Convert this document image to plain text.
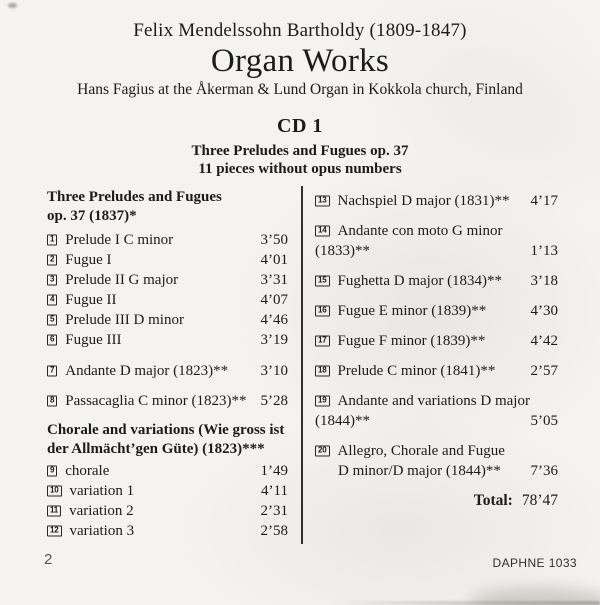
Felix Mendelssohn Bartholdy (1809-1847)
Organ Works
Hans Fagius at the Åkerman & Lund Organ in Kokkola church, Finland
CD 1
Three Preludes and Fugues op. 37
11 pieces without opus numbers
Three Preludes and Fugues
op. 37 (1837)*
1 Prelude I C minor	3’50
2 Fugue I	4’01
3 Prelude II G major	3’31
4 Fugue II	4’07
5 Prelude III D minor	4’46
6 Fugue III	3’19
7 Andante D major (1823)**	3’10
8 Passacaglia C minor (1823)** 5’28
Chorale and variations (Wie gross ist
der Allmächt’gen Güte) (1823)***
9 chorale	1’49
10 variation 1	4’11
11 variation 2	2’31
12 variation 3	2’58
13 Nachspiel D major (1831)**	4’17
14 Andante con moto G minor
(1833)**	1’13
15 Fughetta D major (1834)**	3’18
16 Fugue E minor (1839)**	4’30
17 Fugue F minor (1839)**	4’42
18 Prelude C minor (1841)**	2’57
19 Andante and variations D major
(1844)**	5’05
20 Allegro, Chorale and Fugue
D minor/D major (1844)**	7’36
Total: 78’47
2	DAPHNE 1033
